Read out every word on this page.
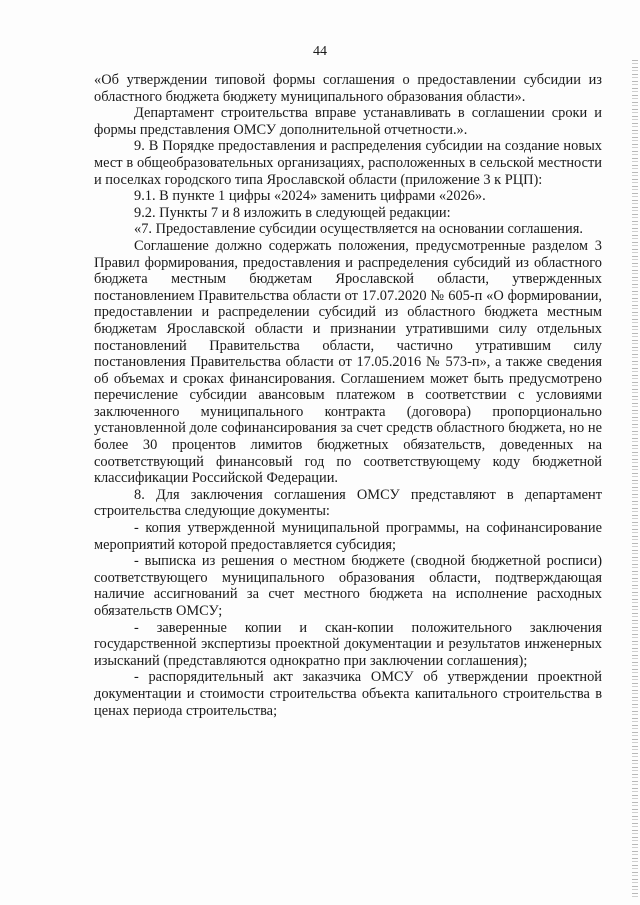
44

«Об утверждении типовой формы соглашения о предоставлении субсидии из областного бюджета бюджету муниципального образования области».

Департамент строительства вправе устанавливать в соглашении сроки и формы представления ОМСУ дополнительной отчетности.».

9. В Порядке предоставления и распределения субсидии на создание новых мест в общеобразовательных организациях, расположенных в сельской местности и поселках городского типа Ярославской области (приложение 3 к РЦП):

9.1. В пункте 1 цифры «2024» заменить цифрами «2026».

9.2. Пункты 7 и 8 изложить в следующей редакции:

«7. Предоставление субсидии осуществляется на основании соглашения.

Соглашение должно содержать положения, предусмотренные разделом 3 Правил формирования, предоставления и распределения субсидий из областного бюджета местным бюджетам Ярославской области, утвержденных постановлением Правительства области от 17.07.2020 № 605-п «О формировании, предоставлении и распределении субсидий из областного бюджета местным бюджетам Ярославской области и признании утратившими силу отдельных постановлений Правительства области, частично утратившим силу постановления Правительства области от 17.05.2016 № 573-п», а также сведения об объемах и сроках финансирования. Соглашением может быть предусмотрено перечисление субсидии авансовым платежом в соответствии с условиями заключенного муниципального контракта (договора) пропорционально установленной доле софинансирования за счет средств областного бюджета, но не более 30 процентов лимитов бюджетных обязательств, доведенных на соответствующий финансовый год по соответствующему коду бюджетной классификации Российской Федерации.

8. Для заключения соглашения ОМСУ представляют в департамент строительства следующие документы:

- копия утвержденной муниципальной программы, на софинансирование мероприятий которой предоставляется субсидия;

- выписка из решения о местном бюджете (сводной бюджетной росписи) соответствующего муниципального образования области, подтверждающая наличие ассигнований за счет местного бюджета на исполнение расходных обязательств ОМСУ;

- заверенные копии и скан-копии положительного заключения государственной экспертизы проектной документации и результатов инженерных изысканий (представляются однократно при заключении соглашения);

- распорядительный акт заказчика ОМСУ об утверждении проектной документации и стоимости строительства объекта капитального строительства в ценах периода строительства;
